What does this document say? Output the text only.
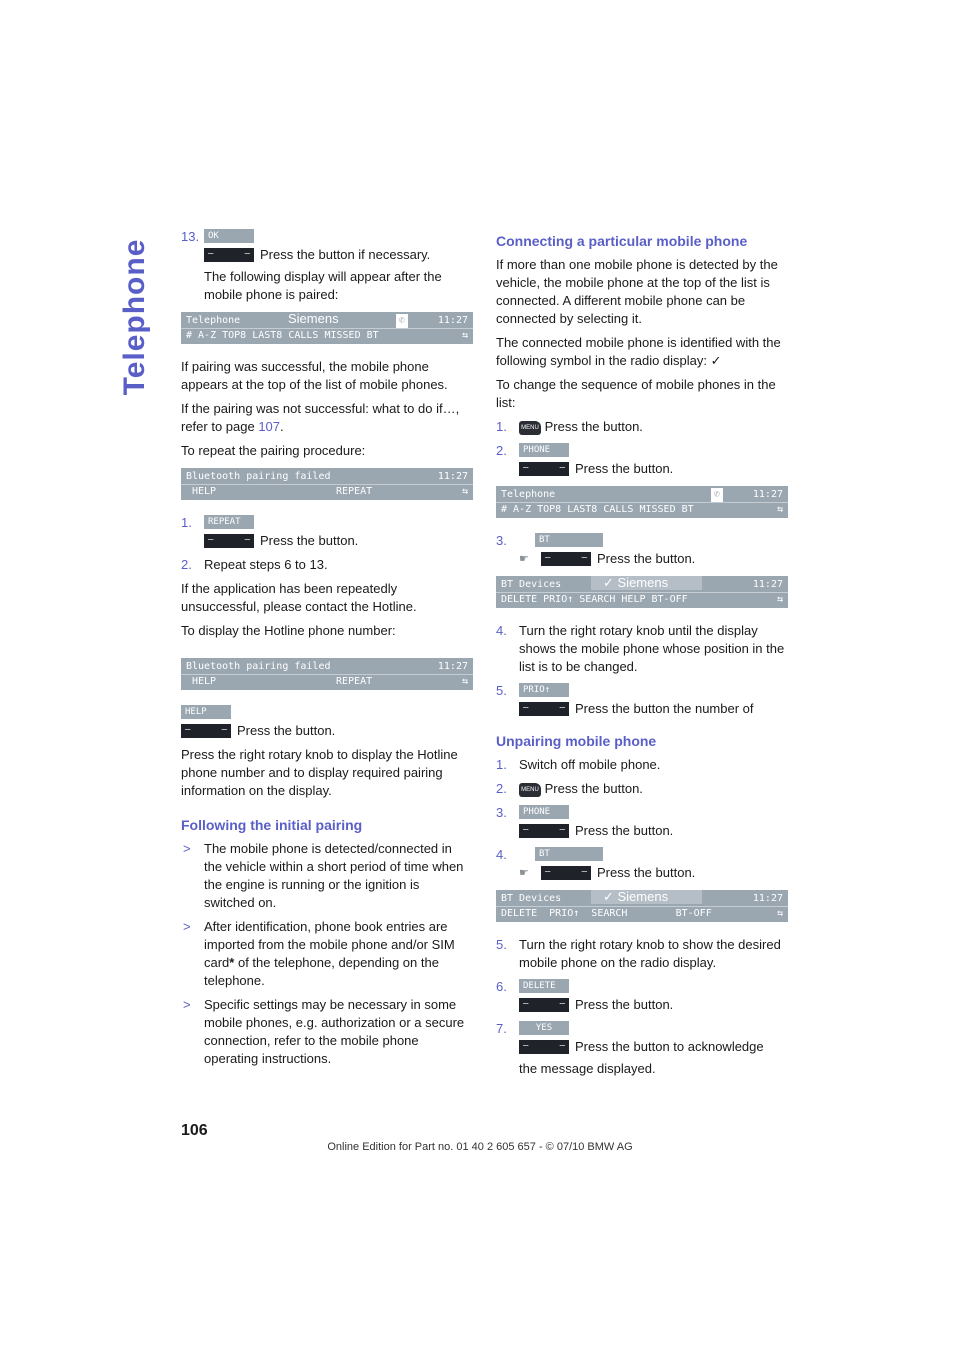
Telephone
13. OK
–	– Press the button if necessary.

The following display will appear after the mobile phone is paired:

Telephone	Siemens	✆	11:27
# A-Z TOP8 LAST8 CALLS MISSED BT	⇆

If pairing was successful, the mobile phone appears at the top of the list of mobile phones.

If the pairing was not successful: what to do if…, refer to page 107.

To repeat the pairing procedure:

Bluetooth pairing failed	11:27
HELP	REPEAT	⇆
1.	REPEAT
–	– Press the button.
2. Repeat steps 6 to 13.

If the application has been repeatedly unsuccessful, please contact the Hotline.

To display the Hotline phone number:

Bluetooth pairing failed	11:27
HELP	REPEAT	⇆
HELP
–	– Press the button.

Press the right rotary knob to display the Hotline phone number and to display required pairing information on the display.

Following the initial pairing
> The mobile phone is detected/connected in the vehicle within a short period of time when the engine is running or the ignition is switched on.
> After identification, phone book entries are imported from the mobile phone and/or SIM card* of the telephone, depending on the telephone.
> Specific settings may be necessary in some mobile phones, e.g. authorization or a secure connection, refer to the mobile phone operating instructions.
Connecting a particular mobile phone

If more than one mobile phone is detected by the vehicle, the mobile phone at the top of the list is connected. A different mobile phone can be connected by selecting it.

The connected mobile phone is identified with the following symbol in the radio display: ✓

To change the sequence of mobile phones in the list:

1.	MENU Press the button.
2.	PHONE
–	– Press the button.
Telephone	✆	11:27
# A-Z TOP8 LAST8 CALLS MISSED BT	⇆
3.	BT
☛	–	– Press the button.
BT Devices	✓ Siemens	11:27
DELETE PRIO↑ SEARCH HELP BT-OFF	⇆
4. Turn the right rotary knob until the display shows the mobile phone whose position in the list is to be changed.
5.	PRIO↑
–	– Press the button the number of
Unpairing mobile phone
1. Switch off mobile phone.
2.	MENU Press the button.
3.	PHONE
–	– Press the button.
4.	BT
☛	–	– Press the button.
BT Devices	✓ Siemens	11:27
DELETE  PRIO↑  SEARCH        BT-OFF	⇆
5. Turn the right rotary knob to show the desired mobile phone on the radio display.
6.	DELETE
–	– Press the button.
7.	YES
–	– Press the button to acknowledge
the message displayed.
106
Online Edition for Part no. 01 40 2 605 657 - © 07/10 BMW AG
